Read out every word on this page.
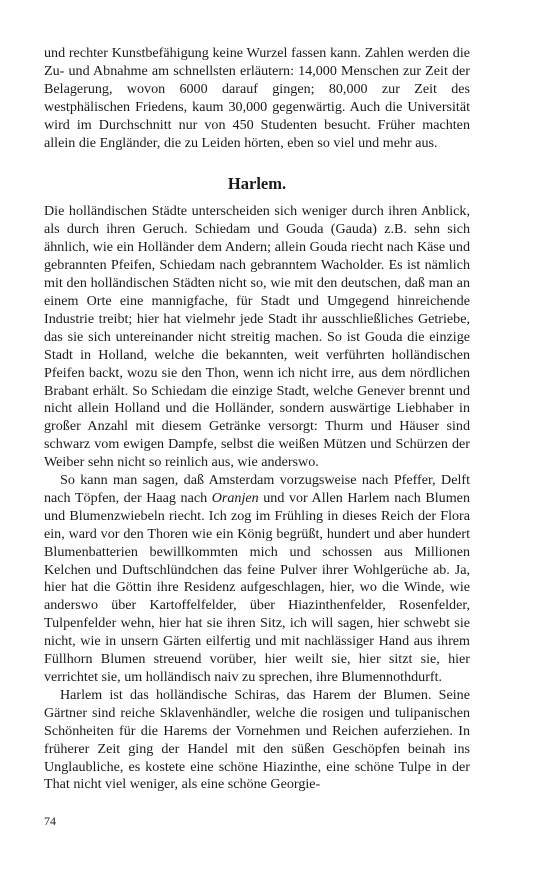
und rechter Kunstbefähigung keine Wurzel fassen kann. Zahlen werden die Zu- und Abnahme am schnellsten erläutern: 14,000 Menschen zur Zeit der Belagerung, wovon 6000 darauf gingen; 80,000 zur Zeit des westphälischen Friedens, kaum 30,000 gegenwärtig. Auch die Universität wird im Durchschnitt nur von 450 Studenten besucht. Früher machten allein die Engländer, die zu Leiden hörten, eben so viel und mehr aus.

Harlem.

Die holländischen Städte unterscheiden sich weniger durch ihren Anblick, als durch ihren Geruch. Schiedam und Gouda (Gauda) z.B. sehn sich ähnlich, wie ein Holländer dem Andern; allein Gouda riecht nach Käse und gebrannten Pfeifen, Schiedam nach gebranntem Wacholder. Es ist nämlich mit den holländischen Städten nicht so, wie mit den deutschen, daß man an einem Orte eine mannigfache, für Stadt und Umgegend hinreichende Industrie treibt; hier hat vielmehr jede Stadt ihr ausschließliches Getriebe, das sie sich untereinander nicht streitig machen. So ist Gouda die einzige Stadt in Holland, welche die bekannten, weit verführten holländischen Pfeifen backt, wozu sie den Thon, wenn ich nicht irre, aus dem nördlichen Brabant erhält. So Schiedam die einzige Stadt, welche Genever brennt und nicht allein Holland und die Holländer, sondern auswärtige Liebhaber in großer Anzahl mit diesem Getränke versorgt: Thurm und Häuser sind schwarz vom ewigen Dampfe, selbst die weißen Mützen und Schürzen der Weiber sehn nicht so reinlich aus, wie anderswo.

So kann man sagen, daß Amsterdam vorzugsweise nach Pfeffer, Delft nach Töpfen, der Haag nach Oranjen und vor Allen Harlem nach Blumen und Blumenzwiebeln riecht. Ich zog im Frühling in dieses Reich der Flora ein, ward vor den Thoren wie ein König begrüßt, hundert und aber hundert Blumenbatterien bewillkommten mich und schossen aus Millionen Kelchen und Duftschlündchen das feine Pulver ihrer Wohlgerüche ab. Ja, hier hat die Göttin ihre Residenz aufgeschlagen, hier, wo die Winde, wie anderswo über Kartoffelfelder, über Hiazinthenfelder, Rosenfelder, Tulpenfelder wehn, hier hat sie ihren Sitz, ich will sagen, hier schwebt sie nicht, wie in unsern Gärten eilfertig und mit nachlässiger Hand aus ihrem Füllhorn Blumen streuend vorüber, hier weilt sie, hier sitzt sie, hier verrichtet sie, um holländisch naiv zu sprechen, ihre Blumennothdurft.

Harlem ist das holländische Schiras, das Harem der Blumen. Seine Gärtner sind reiche Sklavenhändler, welche die rosigen und tulipanischen Schönheiten für die Harems der Vornehmen und Reichen auferziehen. In früherer Zeit ging der Handel mit den süßen Geschöpfen beinah ins Unglaubliche, es kostete eine schöne Hiazinthe, eine schöne Tulpe in der That nicht viel weniger, als eine schöne Georgie-

74
